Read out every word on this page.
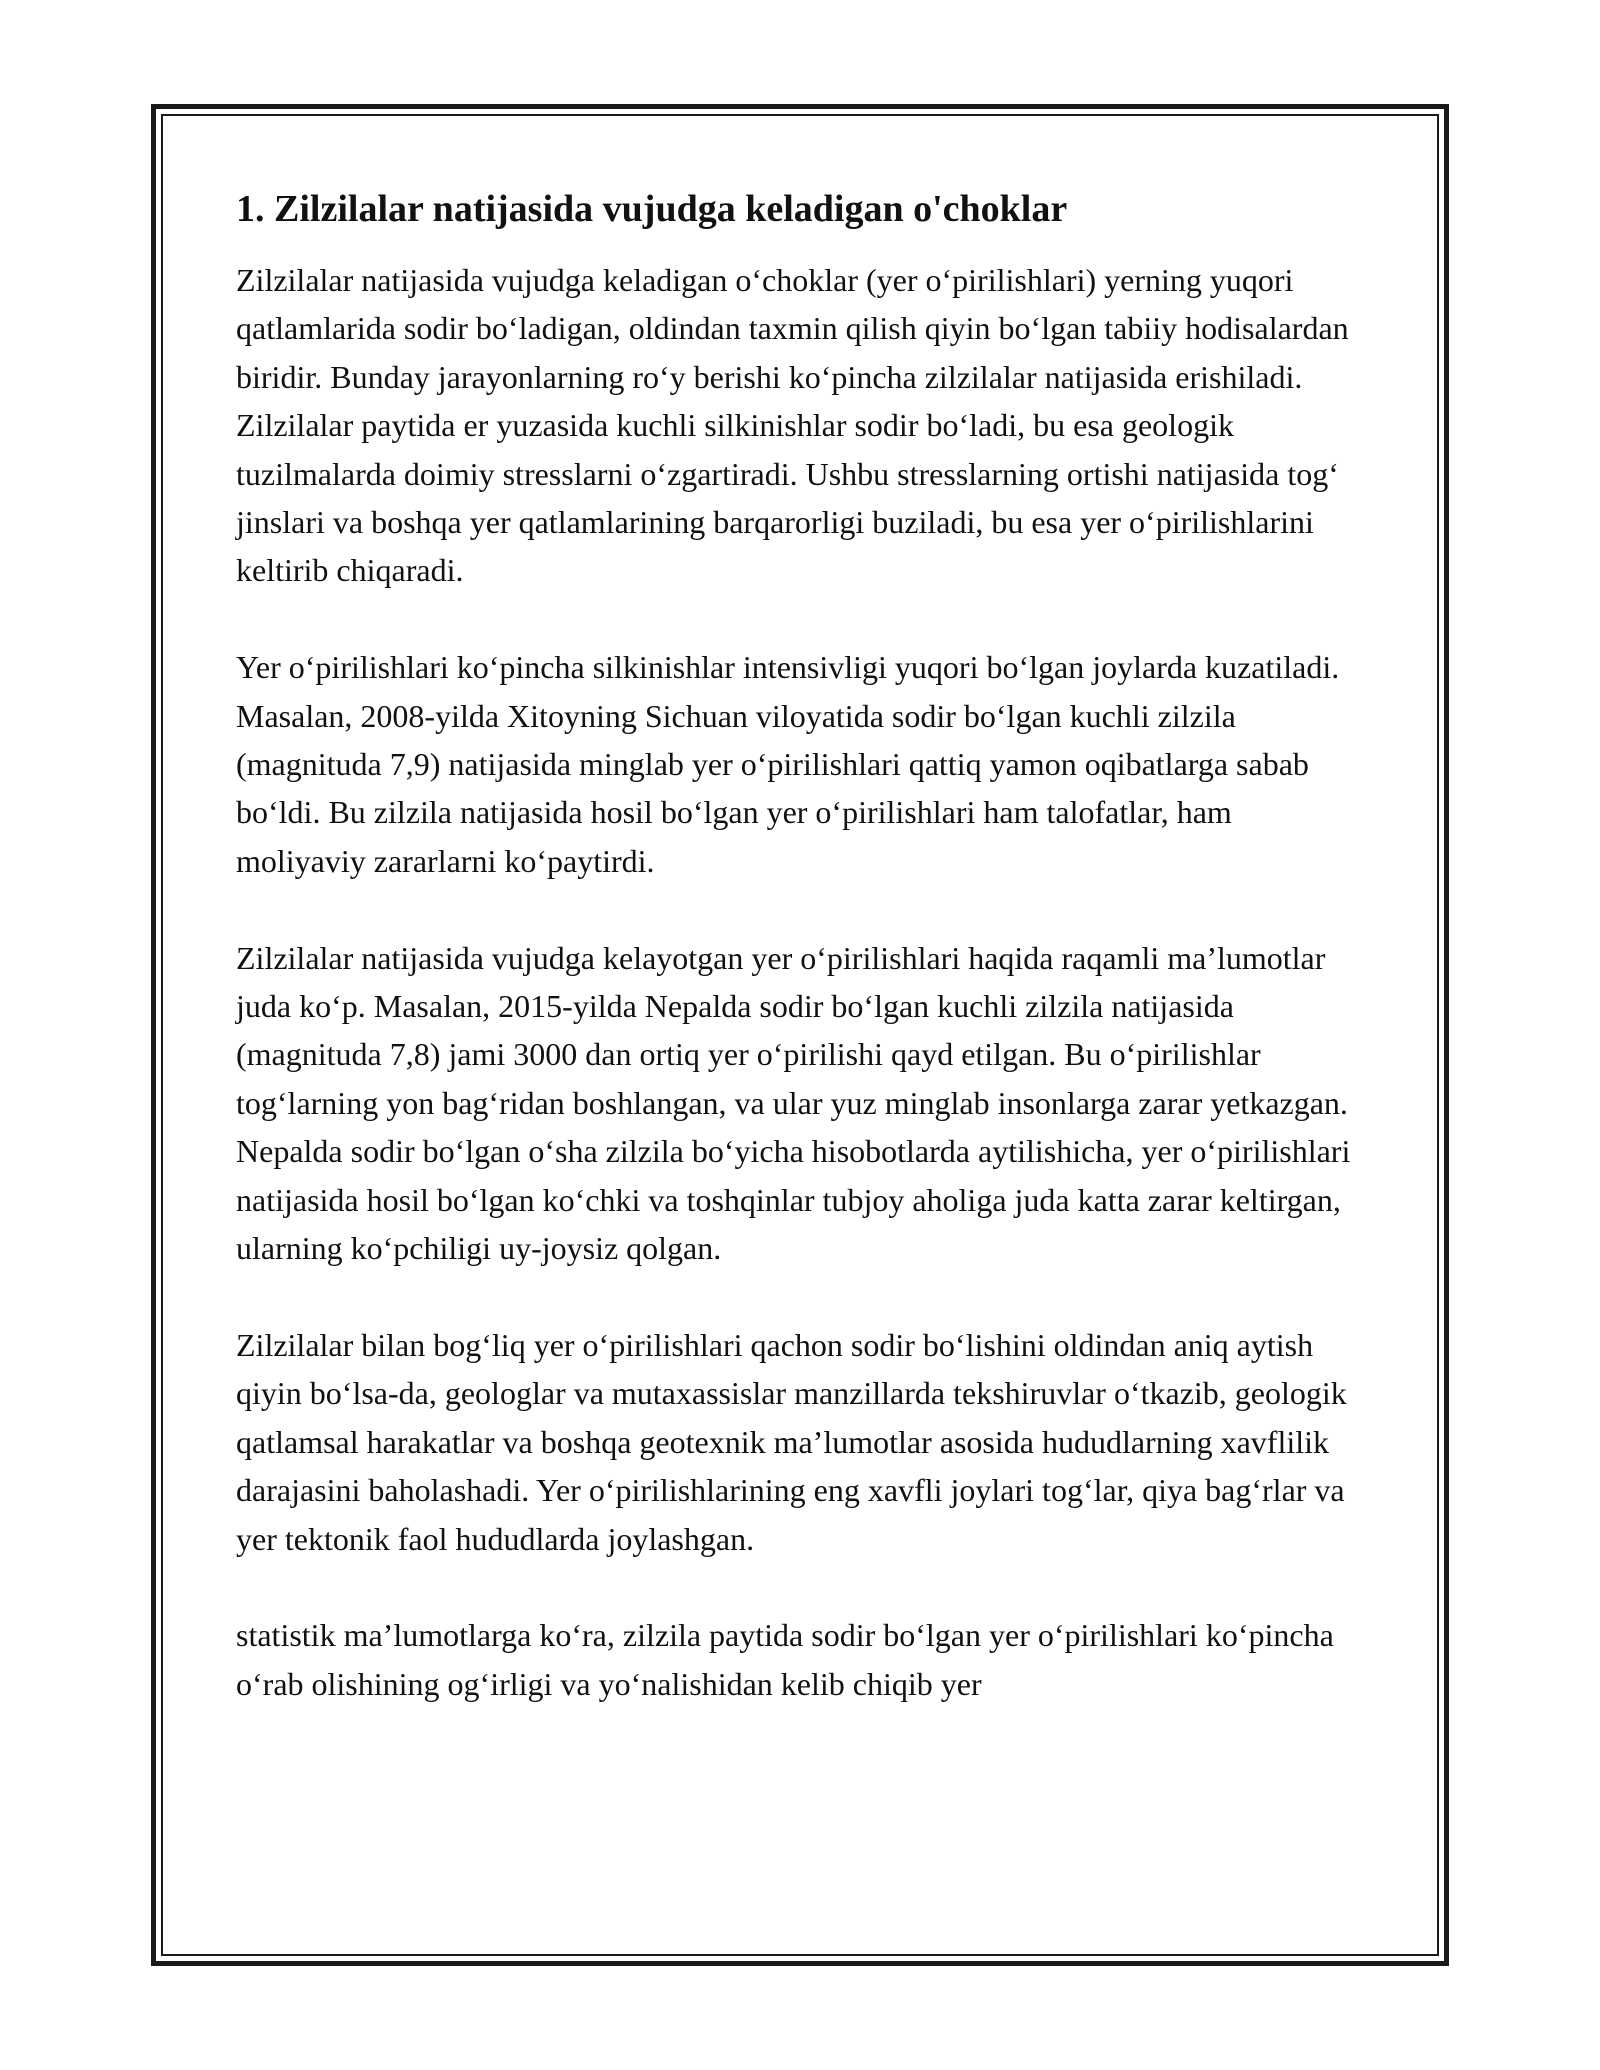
1. Zilzilalar natijasida vujudga keladigan o'choklar

Zilzilalar natijasida vujudga keladigan oʻchoklar (yer oʻpirilishlari) yerning yuqori qatlamlarida sodir boʻladigan, oldindan taxmin qilish qiyin boʻlgan tabiiy hodisalardan biridir. Bunday jarayonlarning roʻy berishi koʻpincha zilzilalar natijasida erishiladi. Zilzilalar paytida er yuzasida kuchli silkinishlar sodir boʻladi, bu esa geologik tuzilmalarda doimiy stresslarni oʻzgartiradi. Ushbu stresslarning ortishi natijasida togʻ jinslari va boshqa yer qatlamlarining barqarorligi buziladi, bu esa yer oʻpirilishlarini keltirib chiqaradi.

Yer oʻpirilishlari koʻpincha silkinishlar intensivligi yuqori boʻlgan joylarda kuzatiladi. Masalan, 2008-yilda Xitoyning Sichuan viloyatida sodir boʻlgan kuchli zilzila (magnituda 7,9) natijasida minglab yer oʻpirilishlari qattiq yamon oqibatlarga sabab boʻldi. Bu zilzila natijasida hosil boʻlgan yer oʻpirilishlari ham talofatlar, ham moliyaviy zararlarni koʻpaytirdi.

Zilzilalar natijasida vujudga kelayotgan yer oʻpirilishlari haqida raqamli maʼlumotlar juda koʻp. Masalan, 2015-yilda Nepalda sodir boʻlgan kuchli zilzila natijasida (magnituda 7,8) jami 3000 dan ortiq yer oʻpirilishi qayd etilgan. Bu oʻpirilishlar togʻlarning yon bagʻridan boshlangan, va ular yuz minglab insonlarga zarar yetkazgan. Nepalda sodir boʻlgan oʻsha zilzila boʻyicha hisobotlarda aytilishicha, yer oʻpirilishlari natijasida hosil boʻlgan koʻchki va toshqinlar tubjoy aholiga juda katta zarar keltirgan, ularning koʻpchiligi uy-joysiz qolgan.

Zilzilalar bilan bogʻliq yer oʻpirilishlari qachon sodir boʻlishini oldindan aniq aytish qiyin boʻlsa-da, geologlar va mutaxassislar manzillarda tekshiruvlar oʻtkazib, geologik qatlamsal harakatlar va boshqa geotexnik maʼlumotlar asosida hududlarning xavflilik darajasini baholashadi. Yer oʻpirilishlarining eng xavfli joylari togʻlar, qiya bagʻrlar va yer tektonik faol hududlarda joylashgan.

statistik maʼlumotlarga koʻra, zilzila paytida sodir boʻlgan yer oʻpirilishlari koʻpincha oʻrab olishining ogʻirligi va yoʻnalishidan kelib chiqib yer
